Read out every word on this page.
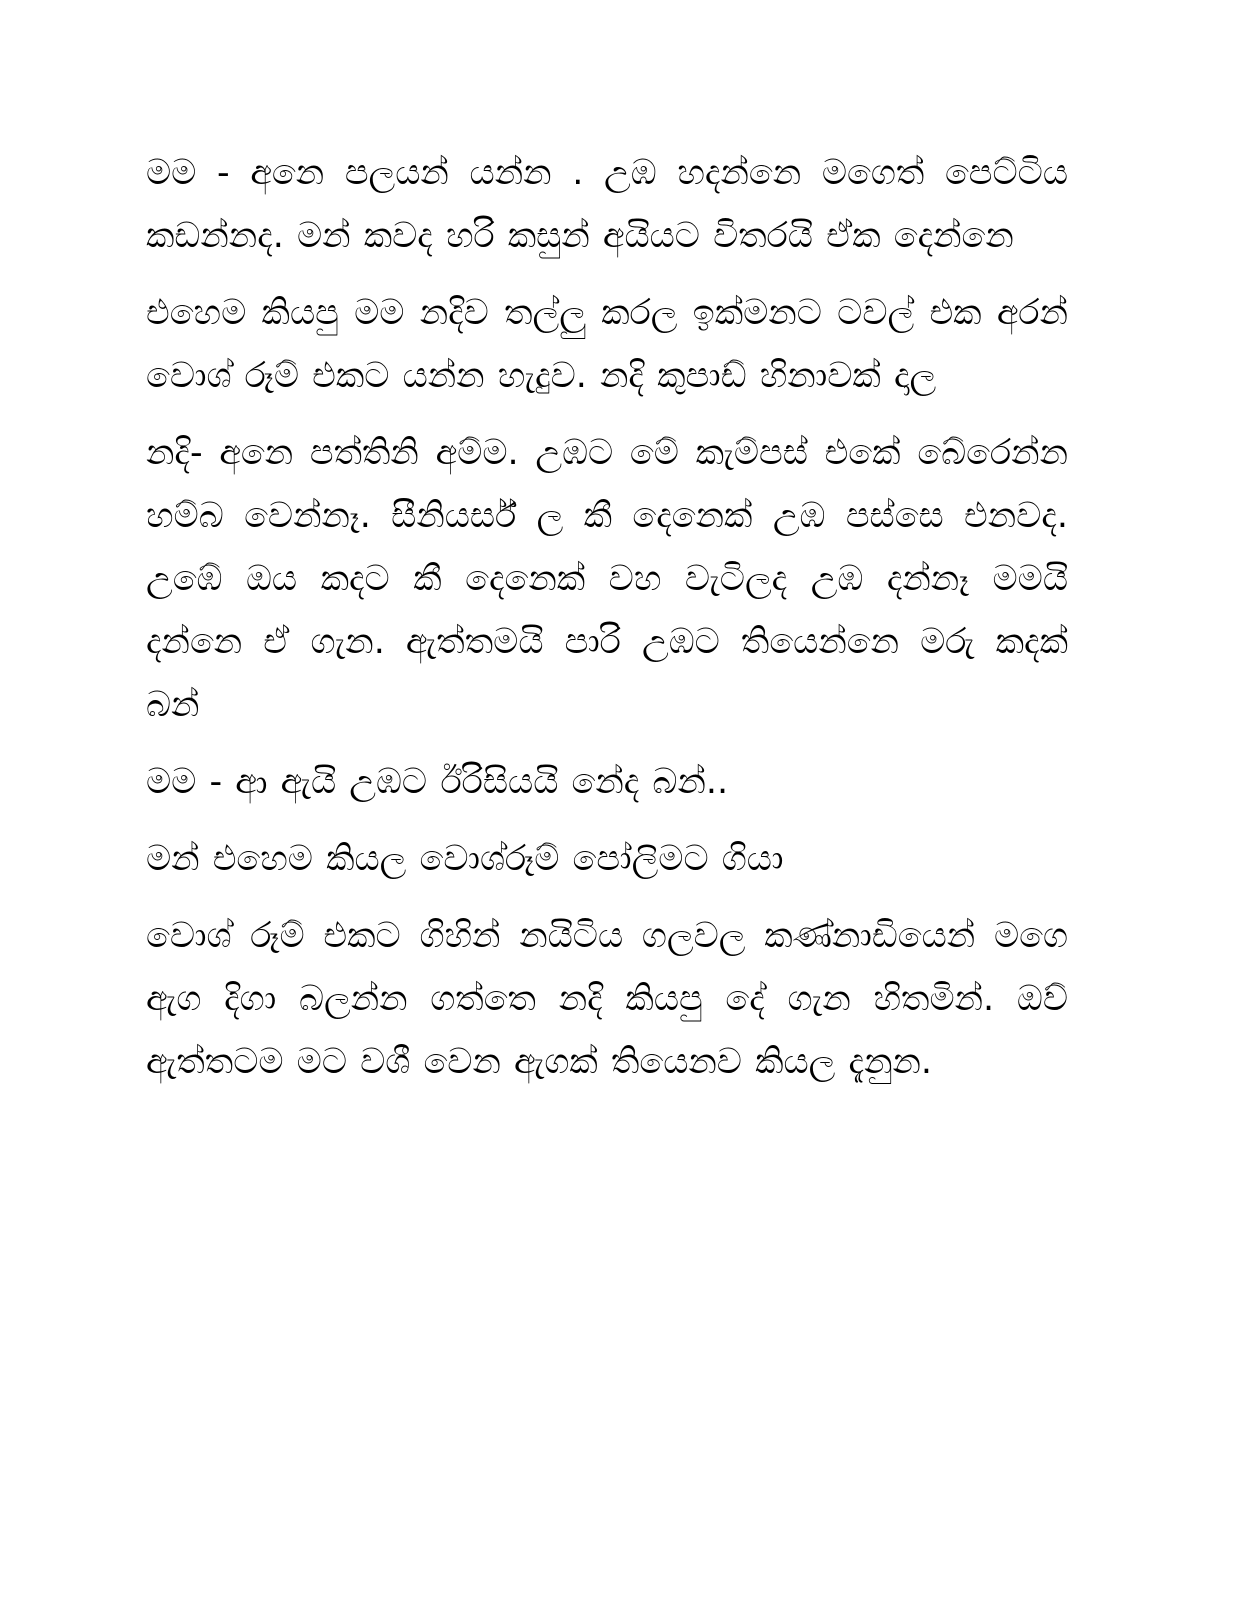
මම - අනෙ පලයන් යන්න . උඹ හදන්නෙ මගෙත් පෙට්ටිය කඩන්නද. මන් කවද හරි කසුන් අයියට විතරයි ඒක දෙන්නෙ

එහෙම කියපු මම නදිව තල්ලු කරල ඉක්මනට ටවල් එක අරන් වොශ් රූම් එකට යන්න හැදුව. නදි කුපාඩ් හිනාවක් දාල

නදි- අනෙ පත්තිනි අම්ම. උඹට මේ කැම්පස් එකේ බේරෙන්න හම්බ වෙන්නෑ. සීනියර්ස් ල කී දෙනෙක් උඹ පස්සෙ එනවද. උඹේ ඔය කදට කී දෙනෙක් වහ වැටිලද උඹ දන්නෑ මමයි දන්නෙ ඒ ගැන. ඇත්තමයි පාරි උඹට තියෙන්නෙ මරු කදක් බන්

මම - ආ ඇයි උඹට ඊරිසියයි නේද බන්..

මන් එහෙම කියල වොශ්රූම් පෝලිමට ගියා

වොශ් රූම් එකට ගිහින් නයිටිය ගලවල කණ්නාඩියෙන් මගෙ ඇග දිගා බලන්න ගත්තෙ නදි කියපු දේ ගැන හිතමින්. ඔව් ඇත්තටම මට වශී වෙන ඇගක් තියෙනව කියල දැනුන.
